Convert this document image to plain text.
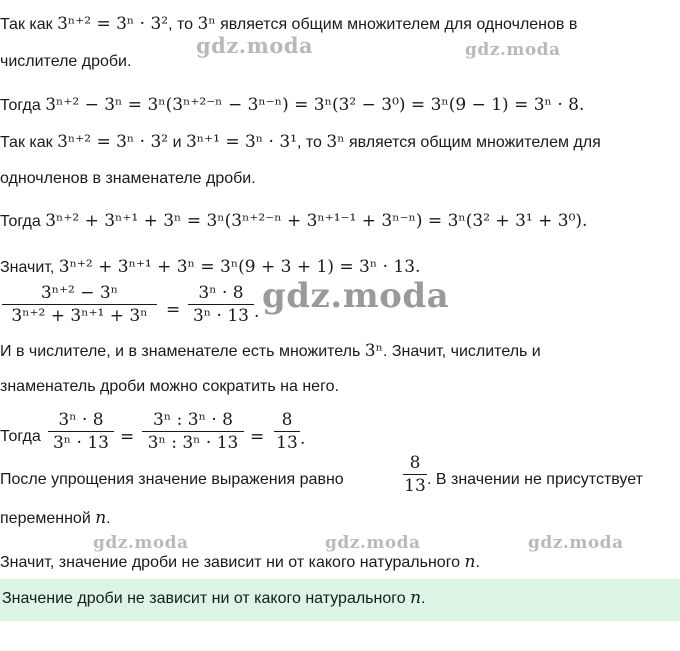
Так как 3ⁿ⁺² = 3ⁿ · 3², то 3ⁿ является общим множителем для одночленов в
числителе дроби.
Тогда 3ⁿ⁺² − 3ⁿ = 3ⁿ(3ⁿ⁺²⁻ⁿ − 3ⁿ⁻ⁿ) = 3ⁿ(3² − 3⁰) = 3ⁿ(9 − 1) = 3ⁿ · 8.
Так как 3ⁿ⁺² = 3ⁿ · 3² и 3ⁿ⁺¹ = 3ⁿ · 3¹, то 3ⁿ является общим множителем для
одночленов в знаменателе дроби.
Тогда 3ⁿ⁺² + 3ⁿ⁺¹ + 3ⁿ = 3ⁿ(3ⁿ⁺²⁻ⁿ + 3ⁿ⁺¹⁻¹ + 3ⁿ⁻ⁿ) = 3ⁿ(3² + 3¹ + 3⁰).
Значит, 3ⁿ⁺² + 3ⁿ⁺¹ + 3ⁿ = 3ⁿ(9 + 3 + 1) = 3ⁿ · 13.
3ⁿ⁺² − 3ⁿ
3ⁿ⁺² + 3ⁿ⁺¹ + 3ⁿ	=
3ⁿ · 8
3ⁿ · 13 .
И в числителе, и в знаменателе есть множитель 3ⁿ. Значит, числитель и
знаменатель дроби можно сократить на него.
Тогда
3ⁿ · 8
3ⁿ · 13 =
3ⁿ : 3ⁿ · 8
3ⁿ : 3ⁿ · 13 =
8
13 .
После упрощения значение выражения равно
8
13 . В значении не присутствует
переменной n.
Значит, значение дроби не зависит ни от какого натурального n.
Значение дроби не зависит ни от какого натурального n.
gdz.moda	gdz.moda
gdz.moda
gdz.moda	gdz.moda	gdz.moda
